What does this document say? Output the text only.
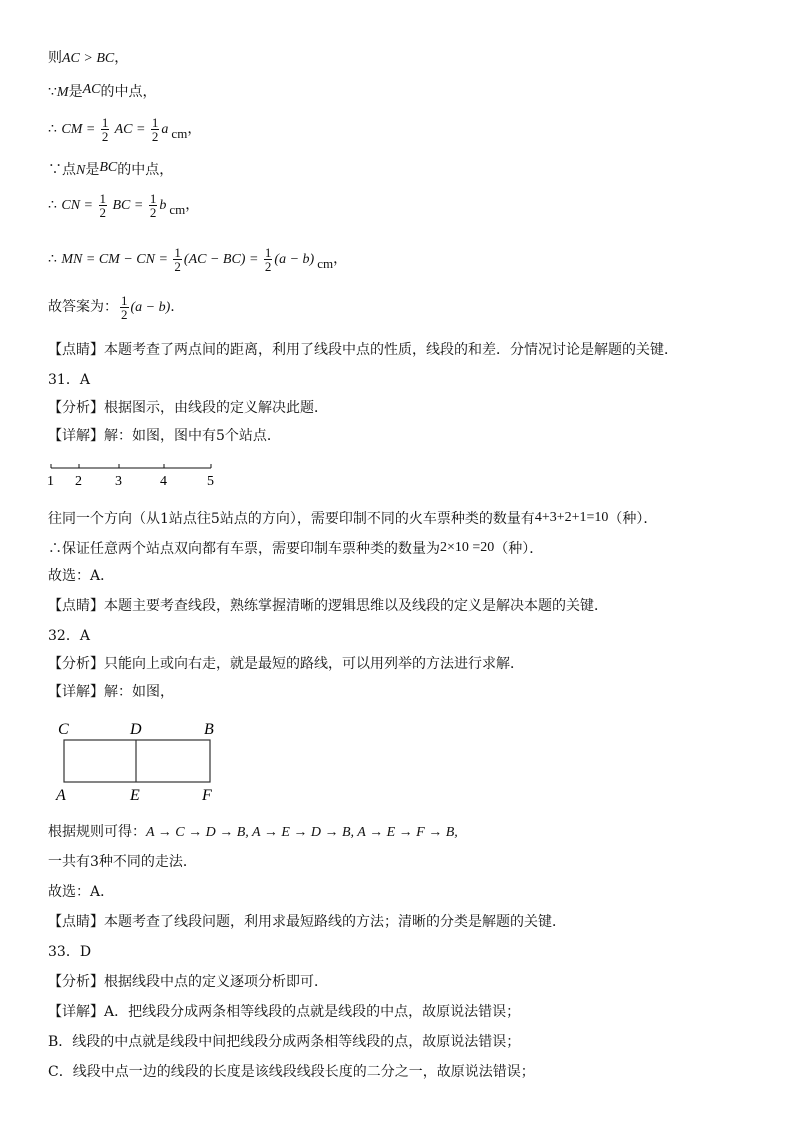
则AC > BC，
∵M是AC的中点，
∴ CM = $\frac{1}{2}$ AC = $\frac{1}{2}$ a cm，
∵点N是BC的中点，
∴ CN = $\frac{1}{2}$ BC = $\frac{1}{2}$ b cm，
∴ MN = CM − CN = $\frac{1}{2} (AC - BC) = \frac{1}{2} (a - b)$ cm，
故答案为： $\frac{1}{2} (a - b)$.
【点睛】本题考查了两点间的距离，利用了线段中点的性质，线段的和差．分情况讨论是解题的关键．
31．A
【分析】根据图示，由线段的定义解决此题．
【详解】解：如图，图中有5个站点．
1 2 3	4	5
往同一个方向（从1站点往5站点的方向），需要印制不同的火车票种类的数量有4+3+2+1=10（种）．
∴保证任意两个站点双向都有车票，需要印制车票种类的数量为2×10 =20（种）．
故选：A．
【点睛】本题主要考查线段，熟练掌握清晰的逻辑思维以及线段的定义是解决本题的关键．
32．A
【分析】只能向上或向右走，就是最短的路线，可以用列举的方法进行求解．
【详解】解：如图，
C	D	B
A	E	F
根据规则可得：A → C → D → B, A → E → D → B, A → E → F → B,
一共有3种不同的走法．
故选：A．
【点睛】本题考查了线段问题，利用求最短路线的方法；清晰的分类是解题的关键．
33．D
【分析】根据线段中点的定义逐项分析即可．
【详解】A．把线段分成两条相等线段的点就是线段的中点，故原说法错误；
B．线段的中点就是线段中间把线段分成两条相等线段的点，故原说法错误；
C．线段中点一边的线段的长度是该线段线段长度的二分之一，故原说法错误；
